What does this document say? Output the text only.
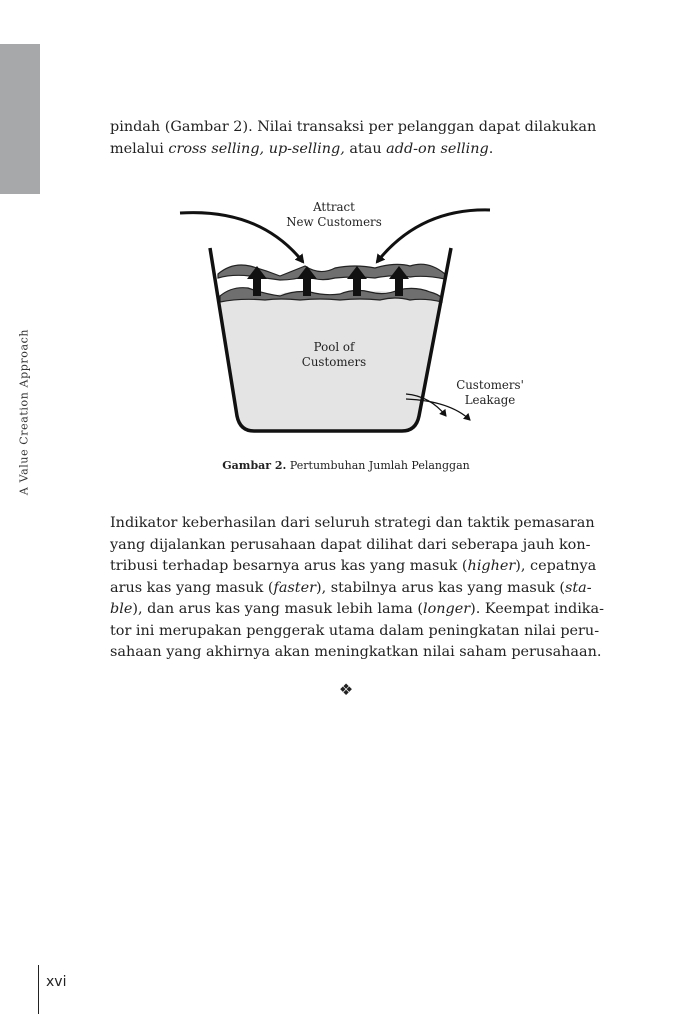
A Value Creation Approach
pindah (Gambar 2). Nilai transaksi per pelanggan dapat dilakukan
melalui cross selling, up-selling, atau add-on selling.
Attract
New Customers
Pool of
Customers
Customers'
Leakage
Gambar 2. Pertumbuhan Jumlah Pelanggan
Indikator keberhasilan dari seluruh strategi dan taktik pemasaran
yang dijalankan perusahaan dapat dilihat dari seberapa jauh kon-
tribusi terhadap besarnya arus kas yang masuk (higher), cepatnya
arus kas yang masuk (faster), stabilnya arus kas yang masuk (sta-
ble), dan arus kas yang masuk lebih lama (longer). Keempat indika-
tor ini merupakan penggerak utama dalam peningkatan nilai peru-
sahaan yang akhirnya akan meningkatkan nilai saham perusahaan.
❖
xvi
